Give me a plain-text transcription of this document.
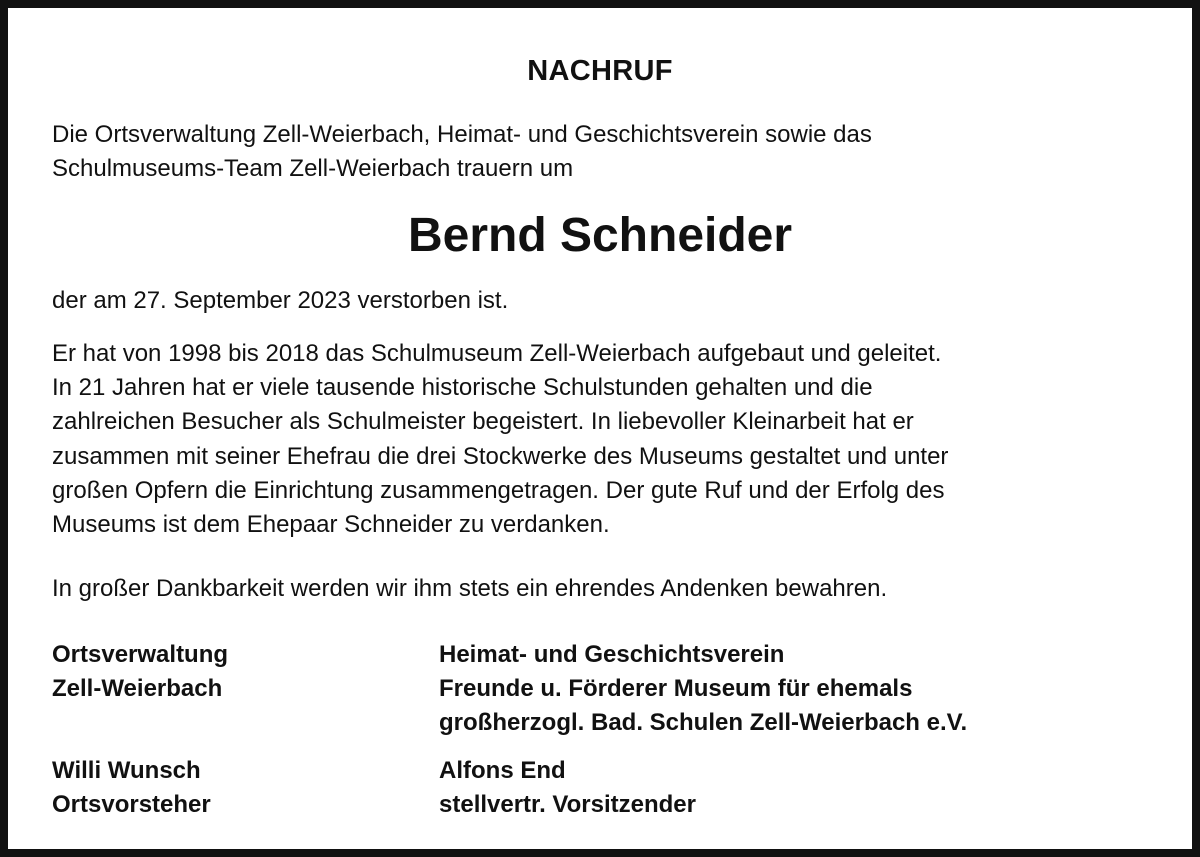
NACHRUF
Die Ortsverwaltung Zell-Weierbach, Heimat- und Geschichtsverein sowie das
Schulmuseums-Team Zell-Weierbach trauern um
Bernd Schneider
der am 27. September 2023 verstorben ist.
Er hat von 1998 bis 2018 das Schulmuseum Zell-Weierbach aufgebaut und geleitet.
In 21 Jahren hat er viele tausende historische Schulstunden gehalten und die
zahlreichen Besucher als Schulmeister begeistert. In liebevoller Kleinarbeit hat er
zusammen mit seiner Ehefrau die drei Stockwerke des Museums gestaltet und unter
großen Opfern die Einrichtung zusammengetragen. Der gute Ruf und der Erfolg des
Museums ist dem Ehepaar Schneider zu verdanken.
In großer Dankbarkeit werden wir ihm stets ein ehrendes Andenken bewahren.
Ortsverwaltung
Zell-Weierbach
Heimat- und Geschichtsverein
Freunde u. Förderer Museum für ehemals
großherzogl. Bad. Schulen Zell-Weierbach e.V.
Willi Wunsch
Ortsvorsteher
Alfons End
stellvertr. Vorsitzender
